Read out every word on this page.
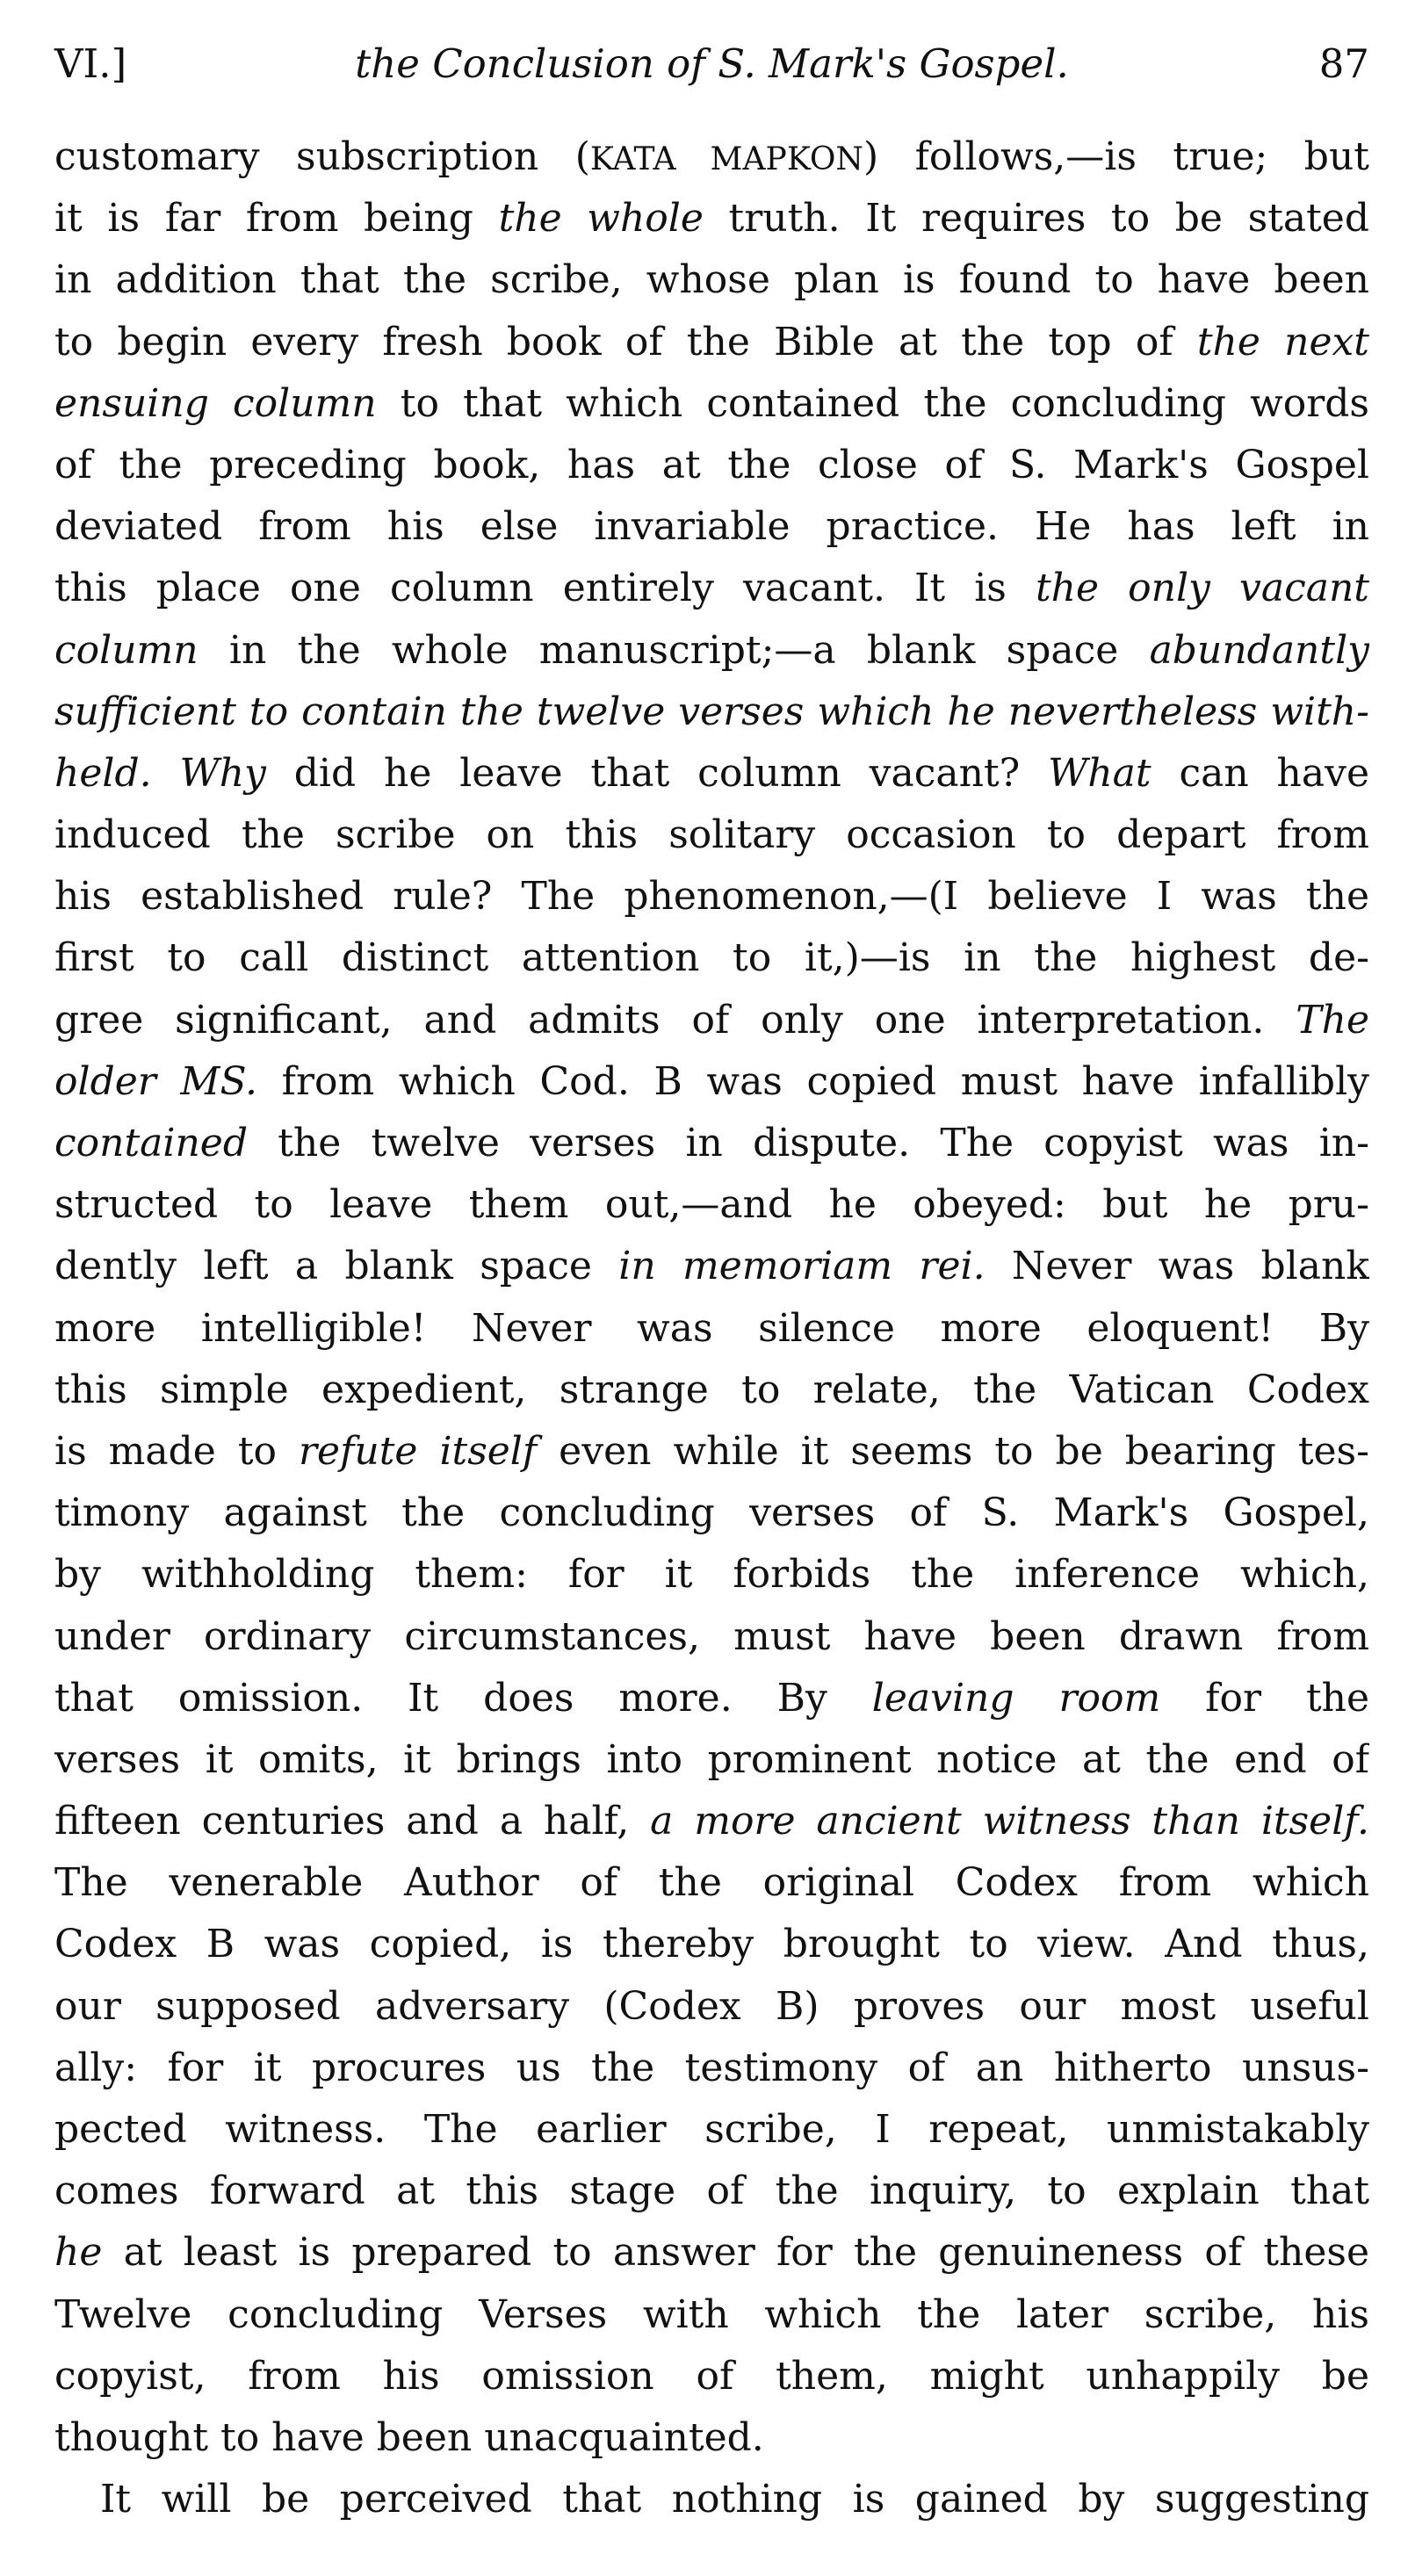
VI.]	the Conclusion of S. Mark's Gospel.	87
customary subscription (KATA MAPKON) follows,—is true; but
it is far from being the whole truth. It requires to be stated
in addition that the scribe, whose plan is found to have been
to begin every fresh book of the Bible at the top of the next
ensuing column to that which contained the concluding words
of the preceding book, has at the close of S. Mark's Gospel
deviated from his else invariable practice. He has left in
this place one column entirely vacant. It is the only vacant
column in the whole manuscript;—a blank space abundantly
sufficient to contain the twelve verses which he nevertheless with-
held. Why did he leave that column vacant? What can have
induced the scribe on this solitary occasion to depart from
his established rule? The phenomenon,—(I believe I was the
first to call distinct attention to it,)—is in the highest de-
gree significant, and admits of only one interpretation. The
older MS. from which Cod. B was copied must have infallibly
contained the twelve verses in dispute. The copyist was in-
structed to leave them out,—and he obeyed: but he pru-
dently left a blank space in memoriam rei. Never was blank
more intelligible! Never was silence more eloquent! By
this simple expedient, strange to relate, the Vatican Codex
is made to refute itself even while it seems to be bearing tes-
timony against the concluding verses of S. Mark's Gospel,
by withholding them: for it forbids the inference which,
under ordinary circumstances, must have been drawn from
that omission. It does more. By leaving room for the
verses it omits, it brings into prominent notice at the end of
fifteen centuries and a half, a more ancient witness than itself.
The venerable Author of the original Codex from which
Codex B was copied, is thereby brought to view. And thus,
our supposed adversary (Codex B) proves our most useful
ally: for it procures us the testimony of an hitherto unsus-
pected witness. The earlier scribe, I repeat, unmistakably
comes forward at this stage of the inquiry, to explain that
he at least is prepared to answer for the genuineness of these
Twelve concluding Verses with which the later scribe, his
copyist, from his omission of them, might unhappily be
thought to have been unacquainted.
It will be perceived that nothing is gained by suggesting
